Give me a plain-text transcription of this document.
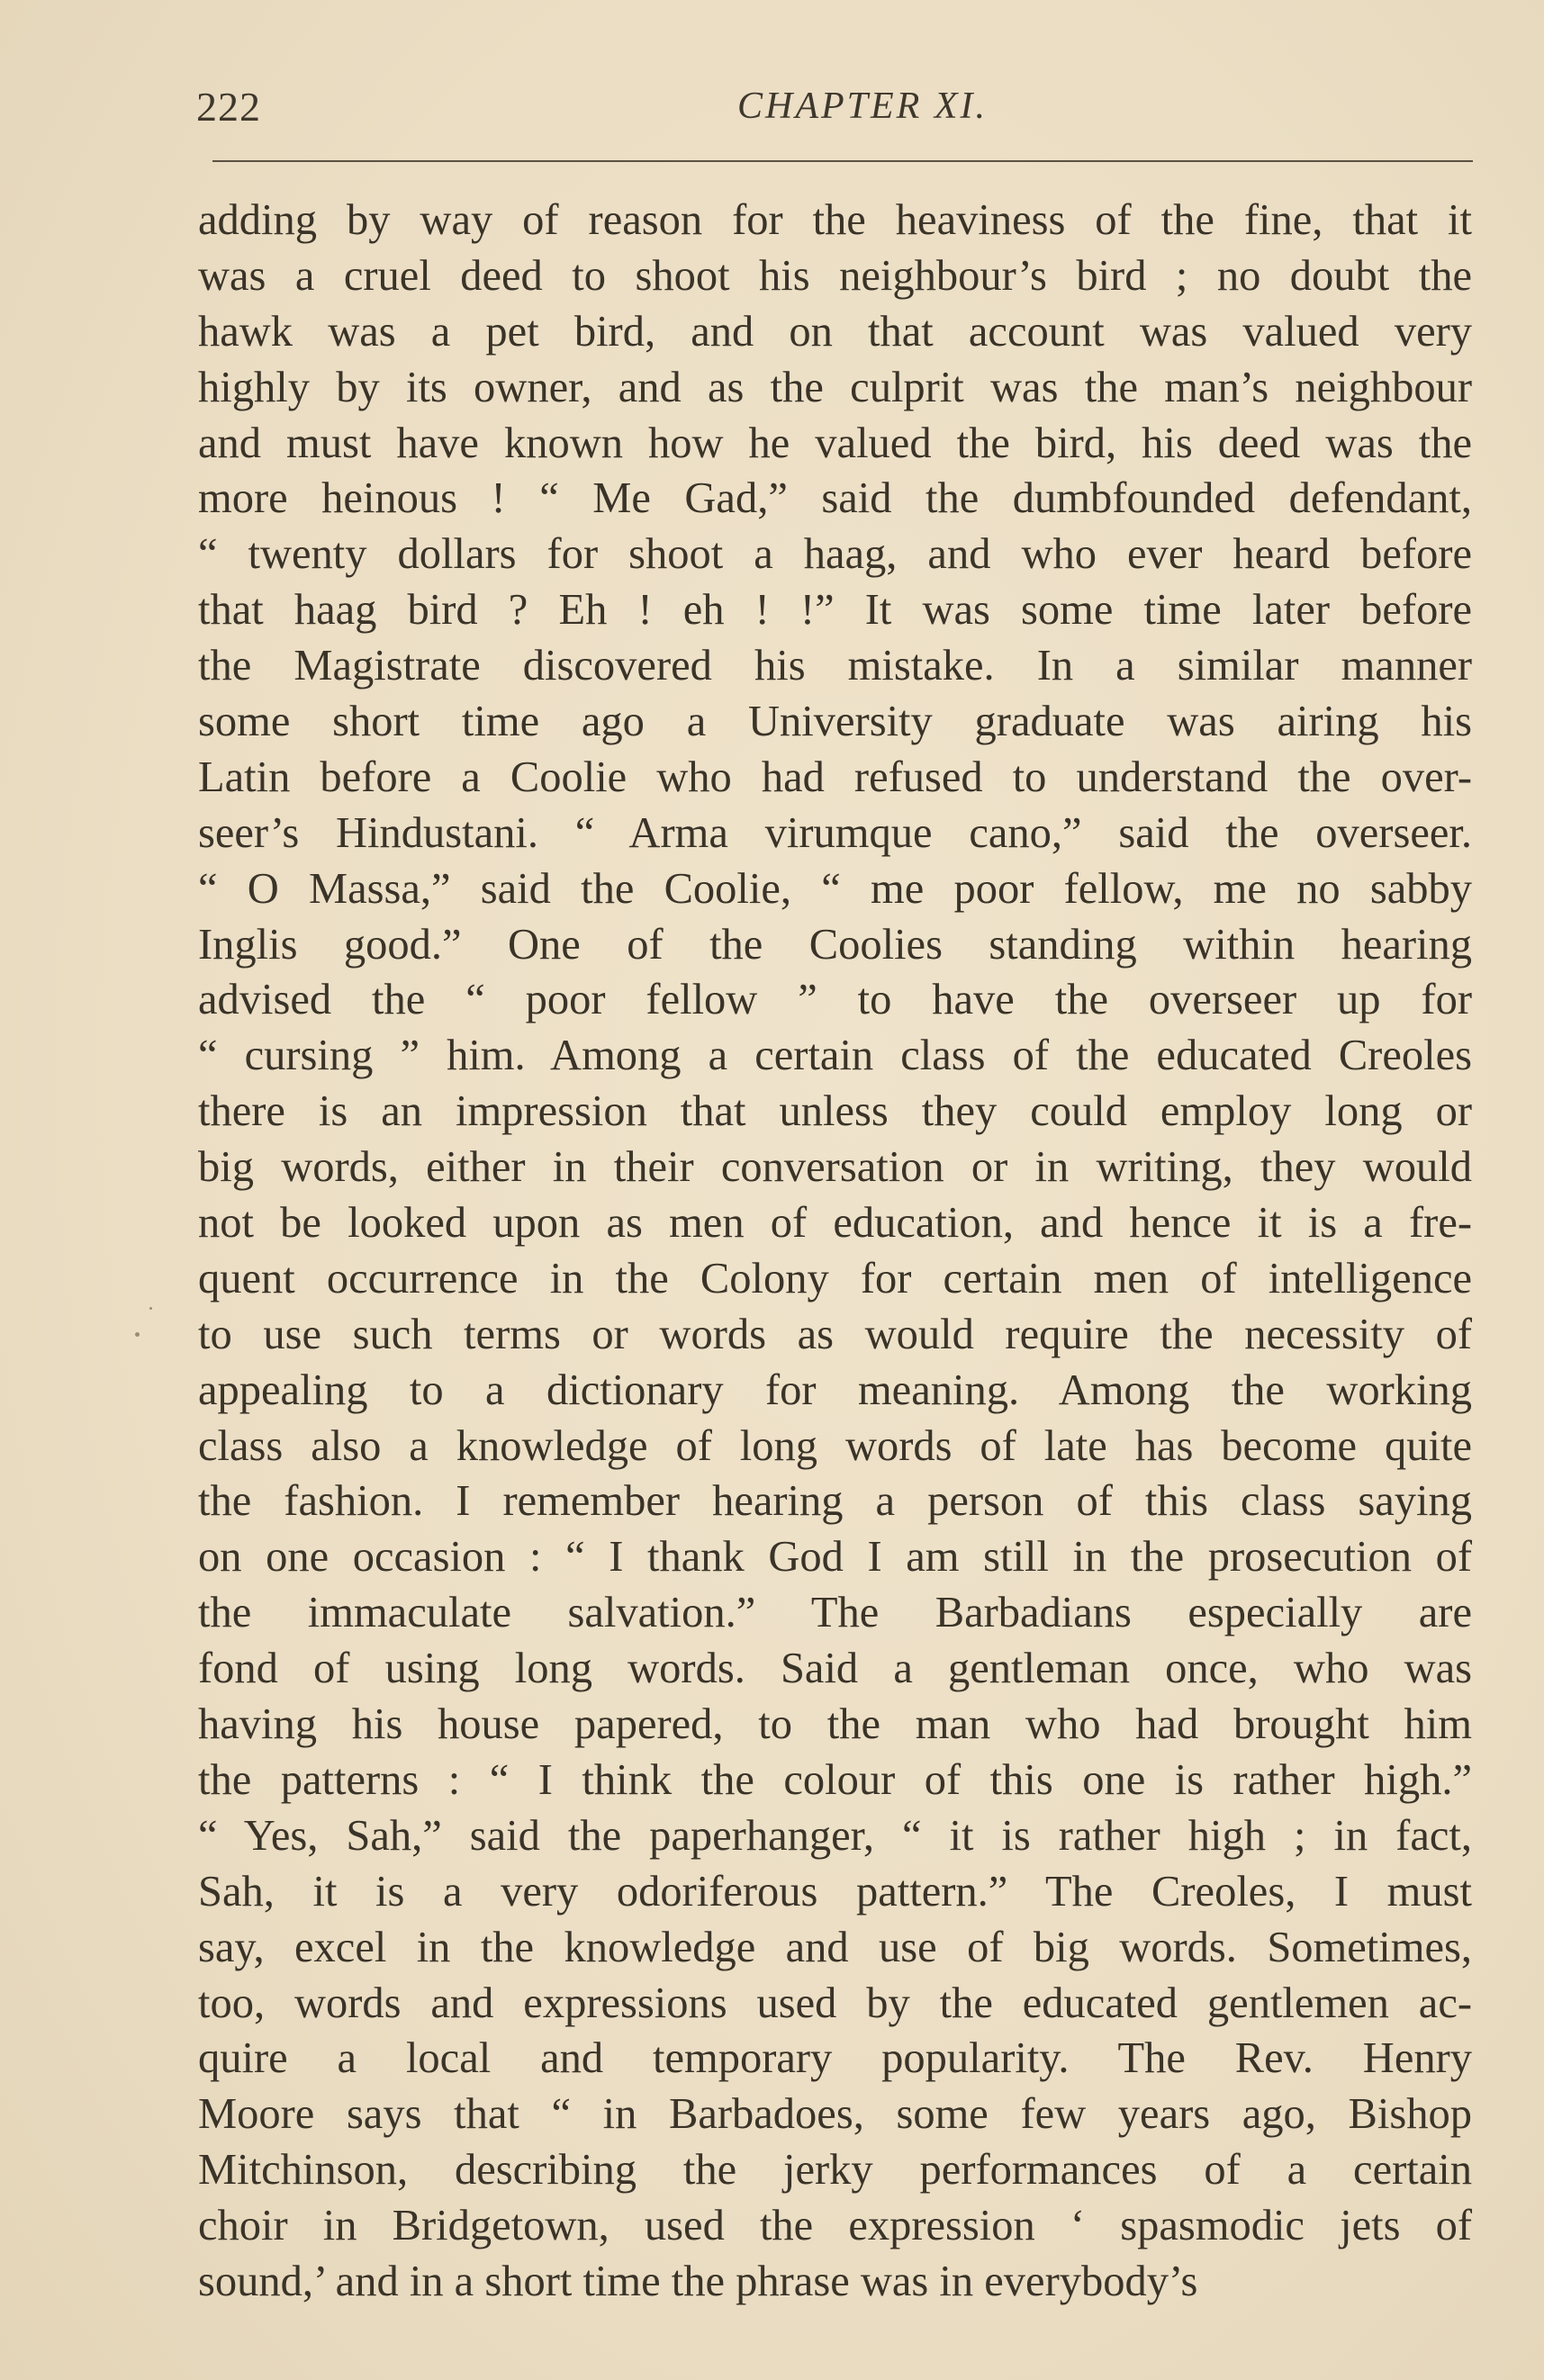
222	CHAPTER XI.
adding by way of reason for the heaviness of the fine, that it
was a cruel deed to shoot his neighbour’s bird ; no doubt the
hawk was a pet bird, and on that account was valued very
highly by its owner, and as the culprit was the man’s neighbour
and must have known how he valued the bird, his deed was the
more heinous ! “ Me Gad,” said the dumbfounded defendant,
“ twenty dollars for shoot a haag, and who ever heard before
that haag bird ? Eh ! eh ! !” It was some time later before
the Magistrate discovered his mistake. In a similar manner
some short time ago a University graduate was airing his
Latin before a Coolie who had refused to understand the over-
seer’s Hindustani. “ Arma virumque cano,” said the overseer.
“ O Massa,” said the Coolie, “ me poor fellow, me no sabby
Inglis good.” One of the Coolies standing within hearing
advised the “ poor fellow ” to have the overseer up for
“ cursing ” him. Among a certain class of the educated Creoles
there is an impression that unless they could employ long or
big words, either in their conversation or in writing, they would
not be looked upon as men of education, and hence it is a fre-
quent occurrence in the Colony for certain men of intelligence
to use such terms or words as would require the necessity of
appealing to a dictionary for meaning. Among the working
class also a knowledge of long words of late has become quite
the fashion. I remember hearing a person of this class saying
on one occasion : “ I thank God I am still in the prosecution of
the immaculate salvation.” The Barbadians especially are
fond of using long words. Said a gentleman once, who was
having his house papered, to the man who had brought him
the patterns : “ I think the colour of this one is rather high.”
“ Yes, Sah,” said the paperhanger, “ it is rather high ; in fact,
Sah, it is a very odoriferous pattern.” The Creoles, I must
say, excel in the knowledge and use of big words. Sometimes,
too, words and expressions used by the educated gentlemen ac-
quire a local and temporary popularity. The Rev. Henry
Moore says that “ in Barbadoes, some few years ago, Bishop
Mitchinson, describing the jerky performances of a certain
choir in Bridgetown, used the expression ‘ spasmodic jets of
sound,’ and in a short time the phrase was in everybody’s
